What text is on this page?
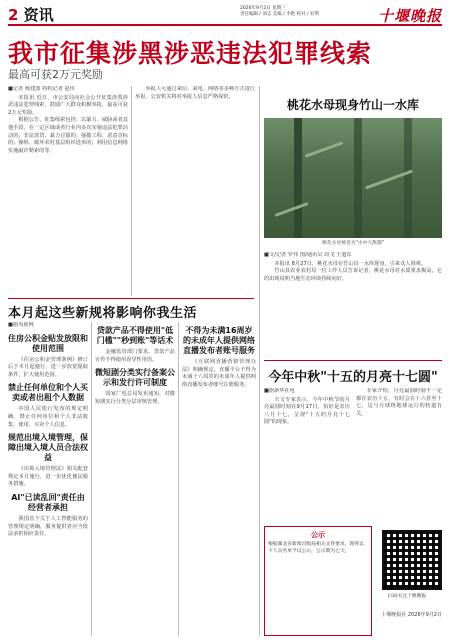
2 资讯	2026年9月2日 星期三
责任编辑 / 刘志 美编 / 李艳 校对 / 杜利	十堰晚报
我市征集涉黑涉恶违法犯罪线索
最高可获2万元奖励
■记者 杨建波 特约记者 赵伟

本报讯 近日，市公安局向社会公开征集涉黑涉恶违法犯罪线索，鼓励广大群众积极举报，最高可获2万元奖励。

根据公告，征集线索包括：以暴力、威胁或者其他手段，在一定区域或者行业内多次实施违法犯罪活动的；非法放贷、暴力讨债的；强揽工程、恶意竞标的；操纵、破坏农村基层组织选举的；利用信息网络实施敲诈勒索的等。

举报人可通过来信、来电、网络等多种方式进行举报，公安机关将对举报人信息严格保密。

桃花水母现身竹山一水库
桃花水母被誉为"水中大熊猫"
■文/记者 罗伟 图/通讯员 周飞 王旭东

本报讯 8月27日，桃花水母在竹山县一水库现身，引来众人围观。

竹山县农业农村局一位工作人员告诉记者，桃花水母对水质要求极高，它的出现说明当地生态环境持续向好。

本月起这些新规将影响你我生活
■据央视网
住房公积金贴发放限和使用范围

《住房公积金管理条例》修订后于本月起施行，进一步放宽提取条件，扩大使用范围。

禁止任何单位和个人买卖或者出租个人数据

中国人民银行发布的规定明确，禁止任何单位和个人非法收集、使用、买卖个人信息。

规范出境入境管理，保障出境入境人员合法权益

《出境入境管理法》相关配套规定本月施行，进一步优化便民服务措施。

AI"已读乱回"责任由经营者承担

我国首个关于人工智能服务的管理规定明确，服务提供者应当依法承担相应责任。

贷款产品不得使用"低门槛""秒到账"等话术

金融监管部门要求，贷款产品宣传不得使用误导性用语。

微短剧分类实行备案公示和发行许可制度

国家广电总局发布通知，对微短剧实行分类分层审核管理。

不得为未满16周岁的未成年人提供网络直播发布者账号服务

《互联网直播营销管理办法》明确规定，直播平台不得为未满十六周岁的未成年人提供网络直播发布者账号注册服务。	今年中秋"十五的月亮十七圆"
■据新华社电

天文专家表示，今年中秋节的月亮最圆时刻在9月17日，恰好是农历八月十七，呈现"十五的月亮十七圆"的现象。

专家介绍，月亮最圆时刻不一定都在农历十五，有时会在十六甚至十七，这与月球绕地球运行的轨道有关。

公示
根据湖北省新闻出版局相关文件要求，现将以下人员名单予以公示，公示期为七天。
扫码关注十堰晚报
十堰晚报社 2026年9月2日
